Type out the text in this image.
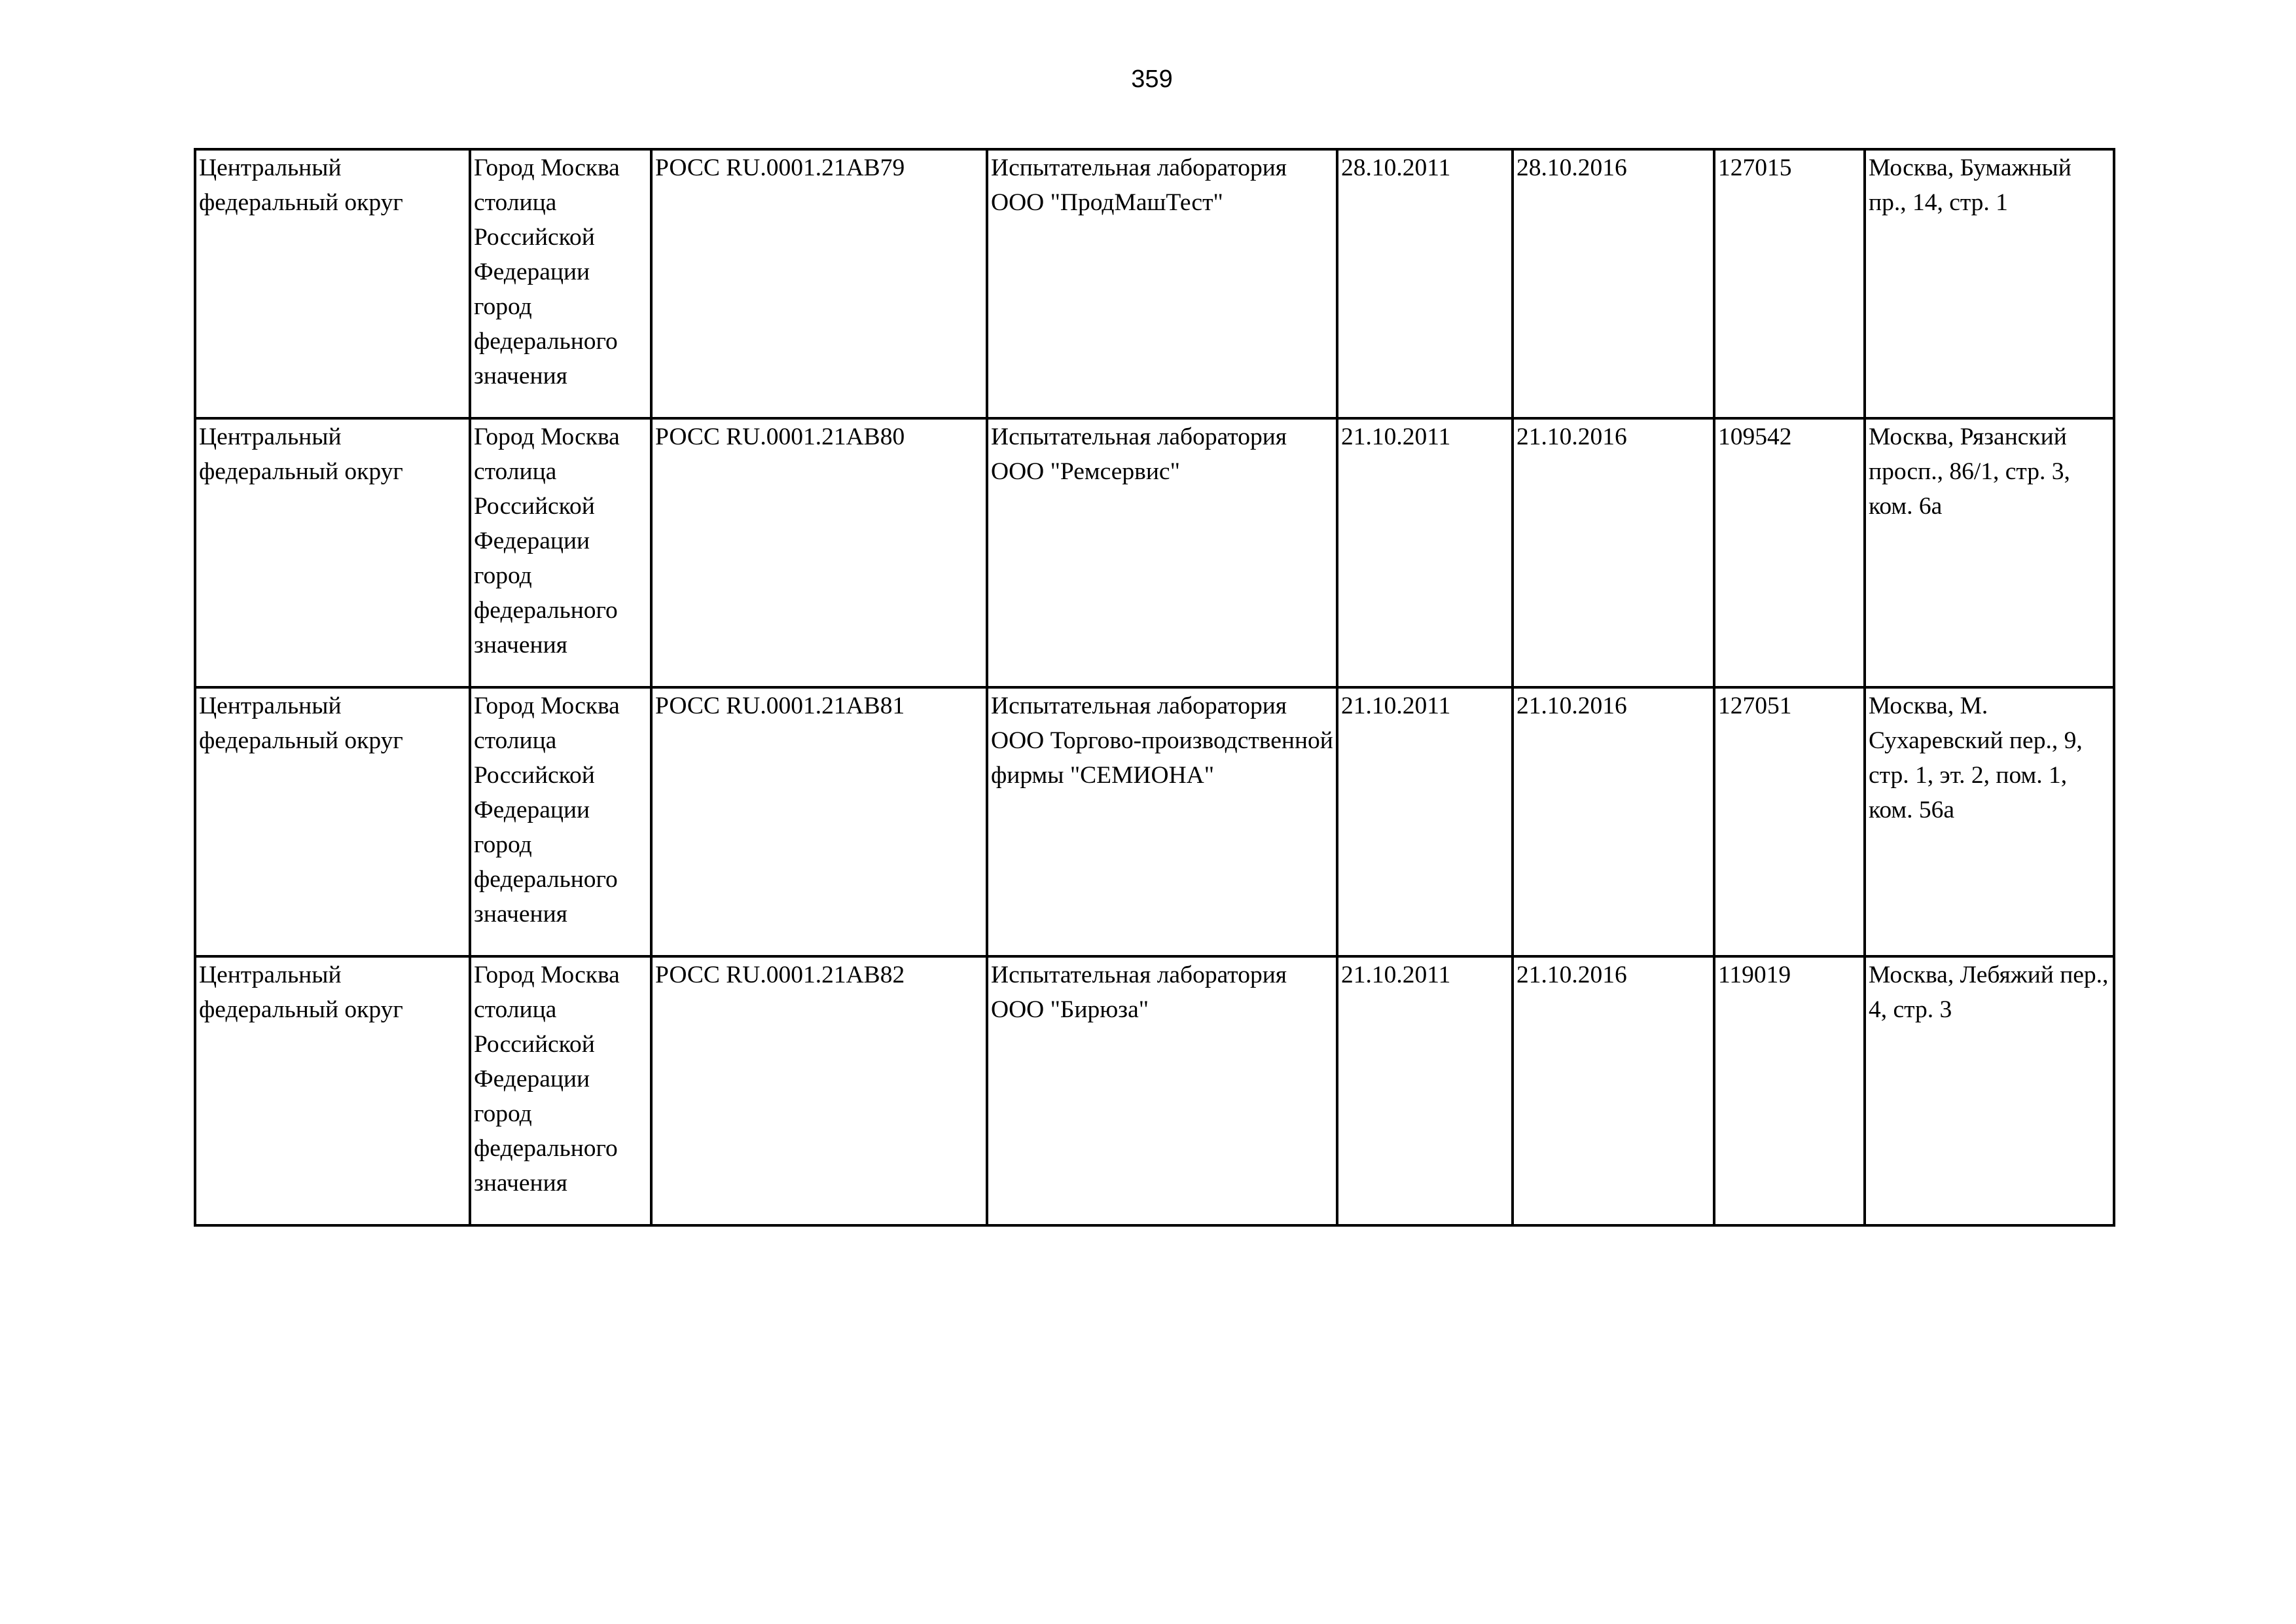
359
Центральный федеральный округ	Город Москва столица Российской Федерации город федерального значения	РОСС RU.0001.21АВ79	Испытательная лаборатория ООО "ПродМашТест"	28.10.2011	28.10.2016	127015	Москва, Бумажный пр., 14, стр. 1

Центральный федеральный округ	Город Москва столица Российской Федерации город федерального значения	РОСС RU.0001.21АВ80	Испытательная лаборатория ООО "Ремсервис"	21.10.2011	21.10.2016	109542	Москва, Рязанский просп., 86/1, стр. 3, ком. 6а

Центральный федеральный округ	Город Москва столица Российской Федерации город федерального значения	РОСС RU.0001.21АВ81	Испытательная лаборатория ООО Торгово-производственной фирмы "СЕМИОНА"	21.10.2011	21.10.2016	127051	Москва, М. Сухаревский пер., 9, стр. 1, эт. 2, пом. 1, ком. 56а

Центральный федеральный округ	Город Москва столица Российской Федерации город федерального значения	РОСС RU.0001.21АВ82	Испытательная лаборатория ООО "Бирюза"	21.10.2011	21.10.2016	119019	Москва, Лебяжий пер., 4, стр. 3
